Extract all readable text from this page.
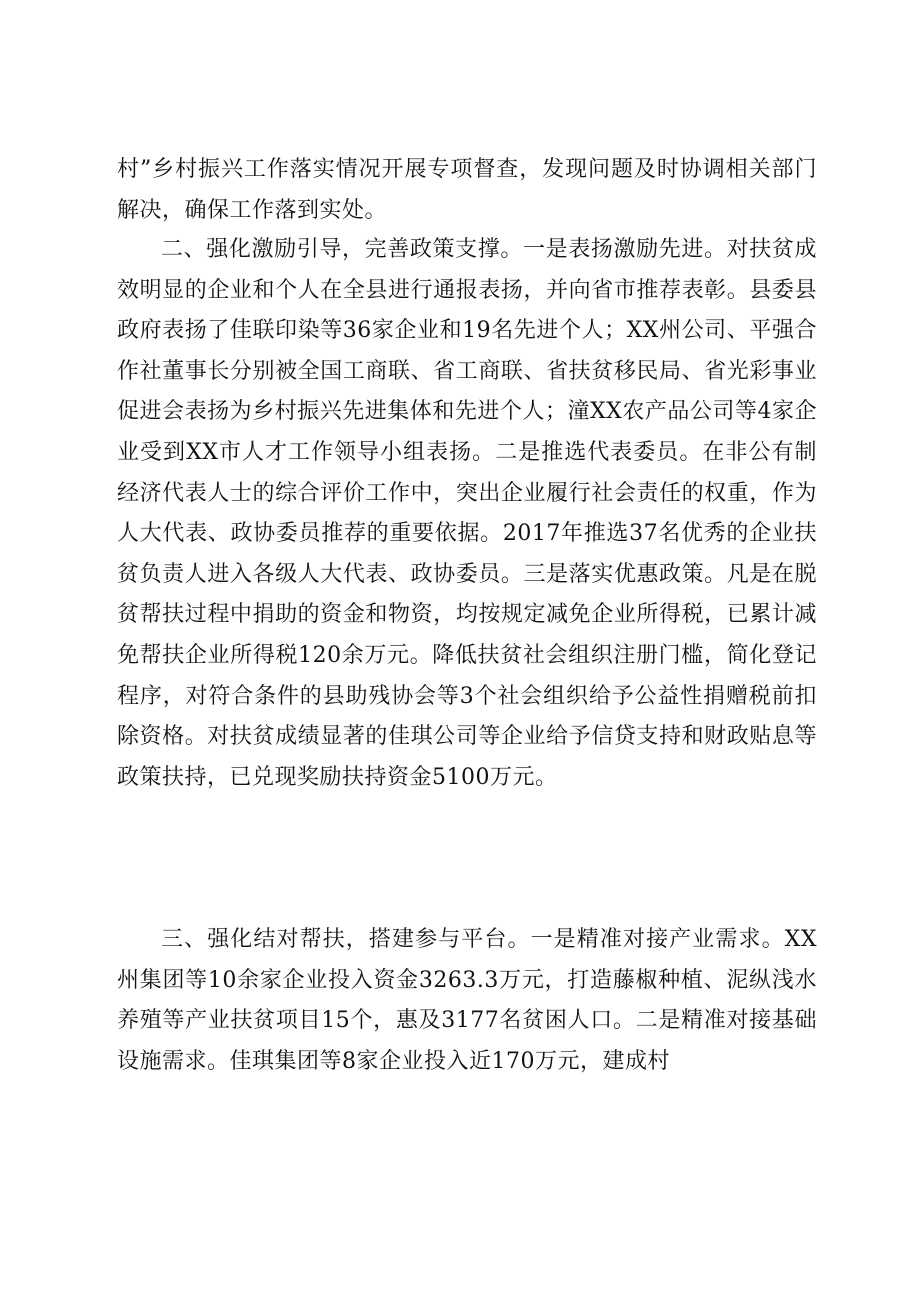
村”乡村振兴工作落实情况开展专项督查，发现问题及时协调相关部门解决，确保工作落到实处。

二、强化激励引导，完善政策支撑。一是表扬激励先进。对扶贫成效明显的企业和个人在全县进行通报表扬，并向省市推荐表彰。县委县政府表扬了佳联印染等36家企业和19名先进个人；XX州公司、平强合作社董事长分别被全国工商联、省工商联、省扶贫移民局、省光彩事业促进会表扬为乡村振兴先进集体和先进个人；潼XX农产品公司等4家企业受到XX市人才工作领导小组表扬。二是推选代表委员。在非公有制经济代表人士的综合评价工作中，突出企业履行社会责任的权重，作为人大代表、政协委员推荐的重要依据。2017年推选37名优秀的企业扶贫负责人进入各级人大代表、政协委员。三是落实优惠政策。凡是在脱贫帮扶过程中捐助的资金和物资，均按规定减免企业所得税，已累计减免帮扶企业所得税120余万元。降低扶贫社会组织注册门槛，简化登记程序，对符合条件的县助残协会等3个社会组织给予公益性捐赠税前扣除资格。对扶贫成绩显著的佳琪公司等企业给予信贷支持和财政贴息等政策扶持，已兑现奖励扶持资金5100万元。

三、强化结对帮扶，搭建参与平台。一是精准对接产业需求。XX州集团等10余家企业投入资金3263.3万元，打造藤椒种植、泥纵浅水养殖等产业扶贫项目15个，惠及3177名贫困人口。二是精准对接基础设施需求。佳琪集团等8家企业投入近170万元，建成村
